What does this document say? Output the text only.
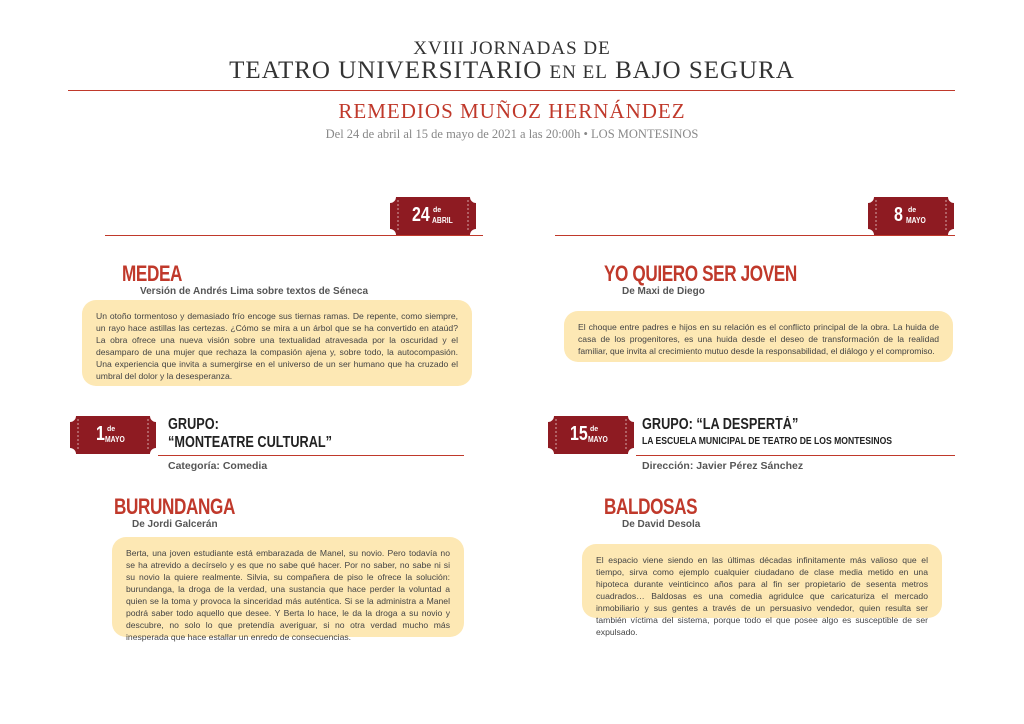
XVIII JORNADAS DE
TEATRO UNIVERSITARIO EN EL BAJO SEGURA
REMEDIOS MUÑOZ HERNÁNDEZ
Del 24 de abril al 15 de mayo de 2021 a las 20:00h • LOS MONTESINOS
24 de
ABRIL
MEDEA
Versión de Andrés Lima sobre textos de Séneca
Un otoño tormentoso y demasiado frío encoge sus tiernas ramas. De repente, como siempre, un rayo hace astillas las certezas. ¿Cómo se mira a un árbol que se ha convertido en ataúd? La obra ofrece una nueva visión sobre una textualidad atravesada por la oscuridad y el desamparo de una mujer que rechaza la compasión ajena y, sobre todo, la autocompasión. Una experiencia que invita a sumergirse en el universo de un ser humano que ha cruzado el umbral del dolor y la desesperanza.
8 de
MAYO
YO QUIERO SER JOVEN
De Maxi de Diego
El choque entre padres e hijos en su relación es el conflicto principal de la obra. La huida de casa de los progenitores, es una huida desde el deseo de transformación de la realidad familiar, que invita al crecimiento mutuo desde la responsabilidad, el diálogo y el compromiso.
1 de
MAYO
GRUPO:
“MONTEATRE CULTURAL”
Categoría: Comedia
BURUNDANGA
De Jordi Galcerán
Berta, una joven estudiante está embarazada de Manel, su novio. Pero todavía no se ha atrevido a decírselo y es que no sabe qué hacer. Por no saber, no sabe ni si su novio la quiere realmente. Silvia, su compañera de piso le ofrece la solución: burundanga, la droga de la verdad, una sustancia que hace perder la voluntad a quien se la toma y provoca la sinceridad más auténtica. Si se la administra a Manel podrá saber todo aquello que desee. Y Berta lo hace, le da la droga a su novio y descubre, no solo lo que pretendía averiguar, si no otra verdad mucho más inesperada que hace estallar un enredo de consecuencias.
15 de
MAYO
GRUPO: “LA DESPERTÁ”
LA ESCUELA MUNICIPAL DE TEATRO DE LOS MONTESINOS
Dirección: Javier Pérez Sánchez
BALDOSAS
De David Desola
El espacio viene siendo en las últimas décadas infinitamente más valioso que el tiempo, sirva como ejemplo cualquier ciudadano de clase media metido en una hipoteca durante veinticinco años para al fin ser propietario de sesenta metros cuadrados… Baldosas es una comedia agridulce que caricaturiza el mercado inmobiliario y sus gentes a través de un persuasivo vendedor, quien resulta ser también víctima del sistema, porque todo el que posee algo es susceptible de ser expulsado.
